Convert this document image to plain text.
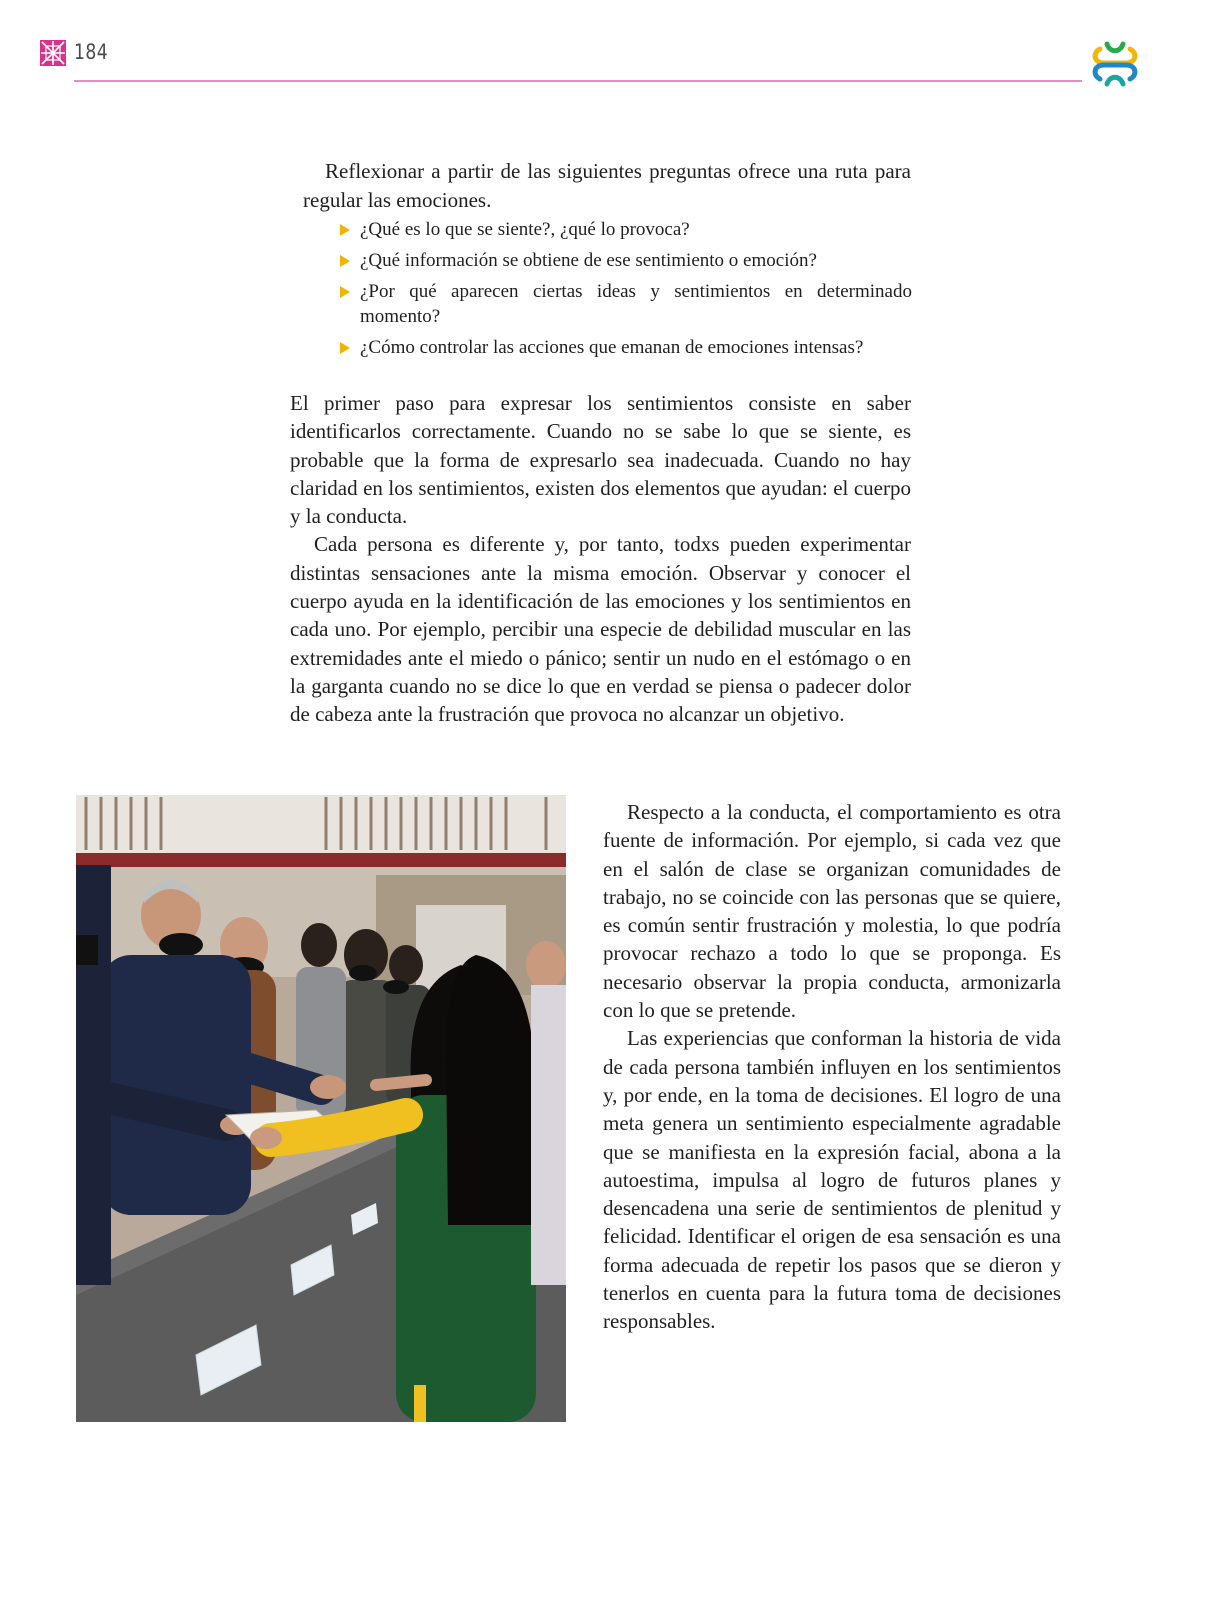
184

Reflexionar a partir de las siguientes preguntas ofrece una ruta para regular las emociones.

¿Qué es lo que se siente?, ¿qué lo provoca?
¿Qué información se obtiene de ese sentimiento o emoción?
¿Por qué aparecen ciertas ideas y sentimientos en determinado momento?
¿Cómo controlar las acciones que emanan de emociones intensas?

El primer paso para expresar los sentimientos consiste en saber identificarlos correctamente. Cuando no se sabe lo que se siente, es probable que la forma de expresarlo sea inadecuada. Cuando no hay claridad en los sentimientos, existen dos elementos que ayudan: el cuerpo y la conducta.

Cada persona es diferente y, por tanto, todxs pueden experimentar distintas sensaciones ante la misma emoción. Observar y conocer el cuerpo ayuda en la identificación de las emociones y los sentimientos en cada uno. Por ejemplo, percibir una especie de debilidad muscular en las extremidades ante el miedo o pánico; sentir un nudo en el estómago o en la garganta cuando no se dice lo que en verdad se piensa o padecer dolor de cabeza ante la frustración que provoca no alcanzar un objetivo.

Respecto a la conducta, el comportamiento es otra fuente de información. Por ejemplo, si cada vez que en el salón de clase se organizan comunidades de trabajo, no se coincide con las personas que se quiere, es común sentir frustración y molestia, lo que podría provocar rechazo a todo lo que se proponga. Es necesario observar la propia conducta, armonizarla con lo que se pretende.

Las experiencias que conforman la historia de vida de cada persona también influyen en los sentimientos y, por ende, en la toma de decisiones. El logro de una meta genera un sentimiento especialmente agradable que se manifiesta en la expresión facial, abona a la autoestima, impulsa al logro de futuros planes y desencadena una serie de sentimientos de plenitud y felicidad. Identificar el origen de esa sensación es una forma adecuada de repetir los pasos que se dieron y tenerlos en cuenta para la futura toma de decisiones responsables.
